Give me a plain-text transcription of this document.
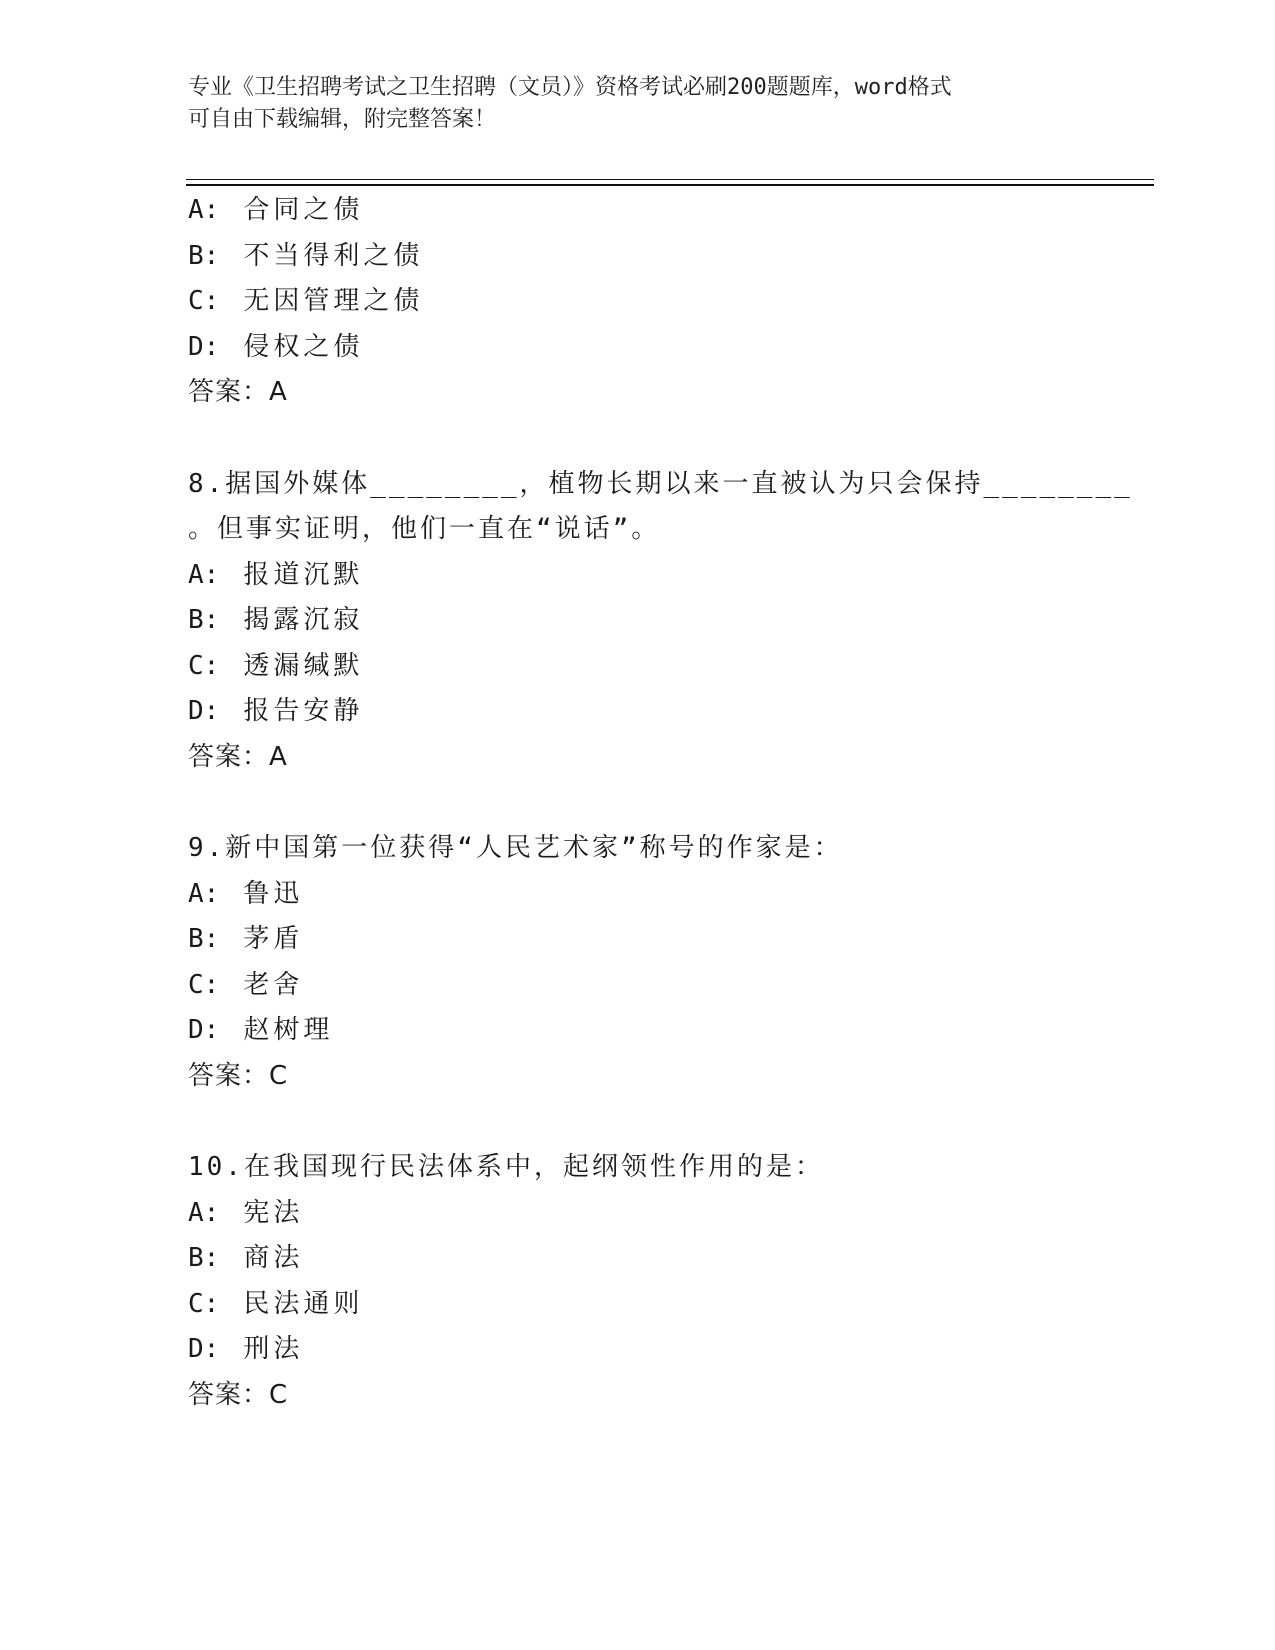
专业《卫生招聘考试之卫生招聘（文员）》资格考试必刷200题题库，word格式
可自由下载编辑，附完整答案！
A: 合同之债
B: 不当得利之债
C: 无因管理之债
D: 侵权之债
答案：A
8.据国外媒体________，植物长期以来一直被认为只会保持________
。但事实证明，他们一直在“说话”。
A: 报道沉默
B: 揭露沉寂
C: 透漏缄默
D: 报告安静
答案：A
9.新中国第一位获得“人民艺术家”称号的作家是：
A: 鲁迅
B: 茅盾
C: 老舍
D: 赵树理
答案：C
10.在我国现行民法体系中，起纲领性作用的是：
A: 宪法
B: 商法
C: 民法通则
D: 刑法
答案：C
